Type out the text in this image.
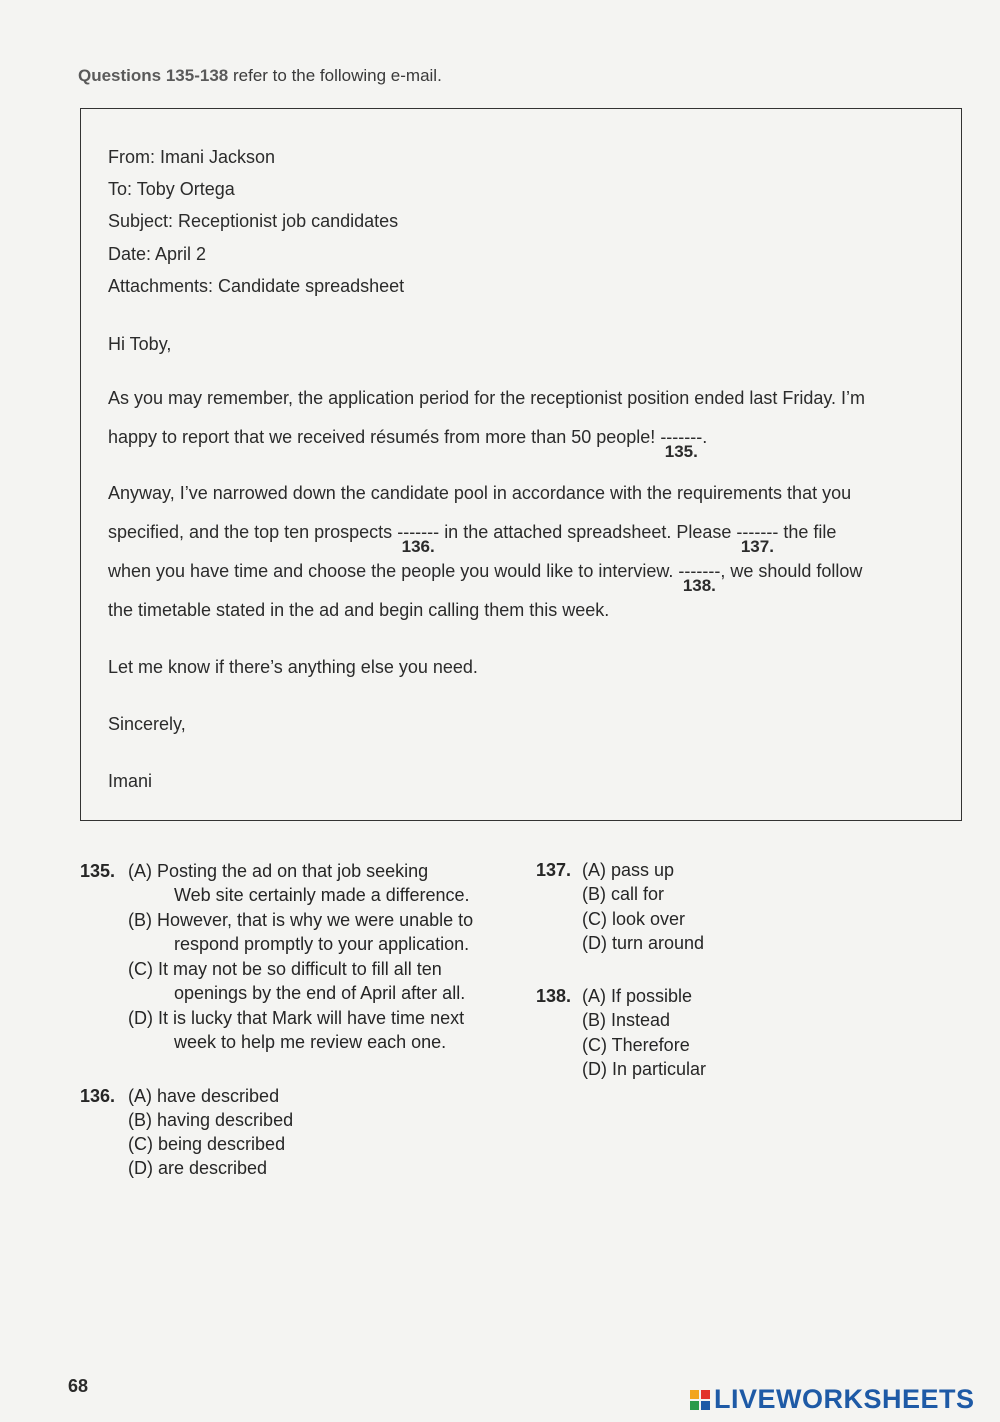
Questions 135-138 refer to the following e-mail.
From: Imani Jackson
To: Toby Ortega
Subject: Receptionist job candidates
Date: April 2
Attachments: Candidate spreadsheet
Hi Toby,
As you may remember, the application period for the receptionist position ended last Friday. I’m
happy to report that we received résumés from more than 50 people! -------
135.
.
Anyway, I’ve narrowed down the candidate pool in accordance with the requirements that you
specified, and the top ten prospects -------
136.
in the attached spreadsheet. Please -------
137.
the file
when you have time and choose the people you would like to interview. -------
138.
, we should follow
the timetable stated in the ad and begin calling them this week.
Let me know if there’s anything else you need.
Sincerely,
Imani
135. (A) Posting the ad on that job seeking
Web site certainly made a difference.
(B) However, that is why we were unable to
respond promptly to your application.
(C) It may not be so difficult to fill all ten
openings by the end of April after all.
(D) It is lucky that Mark will have time next
week to help me review each one.
136. (A) have described
(B) having described
(C) being described
(D) are described
137. (A) pass up
(B) call for
(C) look over
(D) turn around
138. (A) If possible
(B) Instead
(C) Therefore
(D) In particular
68	LIVEWORKSHEETS
